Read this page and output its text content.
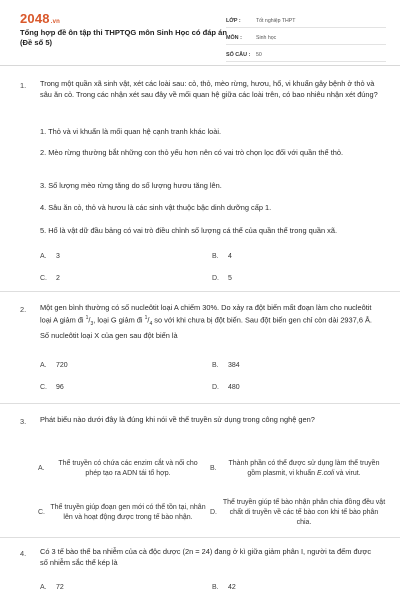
2048.vn
Tổng hợp đề ôn tập thi THPTQG môn Sinh Học có đáp án (Đề số 5)
LỚP :	Tốt nghiệp THPT
MÔN :	Sinh học
SỐ CÂU :	50
1. Trong một quần xã sinh vật, xét các loài sau: cỏ, thỏ, mèo rừng, hươu, hổ, vi khuẩn gây bệnh ở thỏ và sâu ăn cỏ. Trong các nhận xét sau đây về mối quan hệ giữa các loài trên, có bao nhiêu nhận xét đúng?
1. Thỏ và vi khuẩn là mối quan hệ cạnh tranh khác loài.
2. Mèo rừng thường bắt những con thỏ yếu hơn nên có vai trò chọn lọc đối với quần thể thỏ.
3. Số lượng mèo rừng tăng do số lượng hươu tăng lên.
4. Sâu ăn cỏ, thỏ và hươu là các sinh vật thuộc bậc dinh dưỡng cấp 1.
5. Hổ là vật dữ đầu bảng có vai trò điều chỉnh số lượng cá thể của quần thể trong quần xã.
A.	3	B.	4
C.	2	D.	5
2. Một gen bình thường có số nucleôtit loại A chiếm 30%. Do xảy ra đột biến mất đoạn làm cho nucleôtit loại A giảm đi $^1/_3$, loại G giảm đi $^1/_4$ so với khi chưa bị đột biến. Sau đột biến gen chỉ còn dài 2937,6 Å. Số nucleôtit loại X của gen sau đột biến là
A.	720	B.	384
C.	96	D.	480
3. Phát biểu nào dưới đây là đúng khi nói về thể truyền sử dụng trong công nghệ gen?
A.
Thể truyền có chứa các enzim cắt và nối cho phép tạo ra ADN tái tổ hợp.
B.
Thành phần có thể được sử dụng làm thể truyền gồm plasmit, vi khuẩn E.coli và virut.
C.
Thể truyền giúp đoạn gen mới có thể tồn tại, nhân lên và hoạt động được trong tế bào nhận.
D.
Thể truyền giúp tế bào nhận phân chia đồng đều vật chất di truyền về các tế bào con khi tế bào phân chia.
4. Có 3 tế bào thể ba nhiễm của cà độc dược (2n = 24) đang ở kì giữa giảm phân I, người ta đếm được số nhiễm sắc thể kép là
A.	72	B.	42
